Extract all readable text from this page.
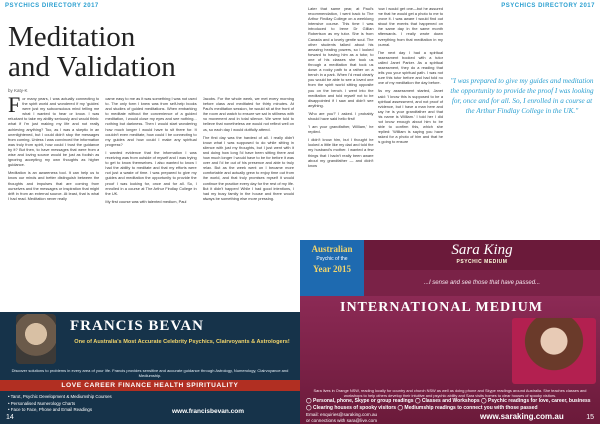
PSYCHICS DIRECTORY 2017
Meditation
and Validation
by Katy-K

For many years, I was actually connecting to the spirit world and wondered if my 'guides' were just my subconscious mind telling me what I wanted to hear or know. I was reluctant to take my ability seriously and would think: what if I'm just making my life and not really achieving anything? Too, as I was a skeptic in an unenlightened, but I could didn't stop the messages from coming. Unless I was convinced the information was truly from spirit, how could I trust the guidance by it? But then, to have messages that were from a wise and loving source would be just as foolish as ignoring accepting my own thoughts as higher guidance.

Meditation is an awareness tool. It can help us to know our minds and better distinguish between the thoughts and impulses that are coming from ourselves and the messages or inspiration that might drift in from an external source. At least, that is what I had read. Meditation never really

came easy to me as it was something I was not used to. The only form I knew was from self-help books and studies of guided meditations. When embarking to meditate without the convenience of a guided meditation, I would close my eyes and see nothing... nothing but darkness. Then I would start wondering how much longer I would have to sit there for. It couldn't even meditate, how could I be connecting to my guides and how could I make any spiritual progress?

I wanted evidence that the information I was receiving was from outside of myself and I was trying to get to know themselves. I also wanted to know I had the ability to meditate and that my efforts were not just a waste of time. I was prepared to give my guides and meditation the opportunity to provide the proof I was looking for, once and for all. So, I enrolled in a course at The Arthur Findlay College in the UK.

My first course was with talented medium, Paul

Jacobs. For the whole week, we met every morning before class and meditated for thirty minutes. At Paul's meditation session, he would sit at the front of the room and watch to ensure we sat in stillness with no movement and in total silence. We were told to believe that nonetheless we would not reflect well on us, so each day I would dutifully attend.

The first day was the hardest of all. I really didn't know what I was supposed to do while sitting in silence with just my thoughts, but I just went with it and doing how long I'd have been sitting there and how much longer I would have to be for before it was over and I'd be out of his presence and able to truly relax. But as the week went on I became more comfortable and actually grew to enjoy time out from the world, and that truly promises myself it would continue the practice every day for the rest of my life. But it didn't happen! While I had good intentions, I had my busy family in the house and there would always be something else more pressing.

FRANCIS BEVAN
One of Australia's Most Accurate Celebrity Psychics, Clairvoyants & Astrologers!
Discover solutions to problems in every area of your life. Francis provides sensitive and accurate guidance through Astrology, Numerology, Clairvoyance and Mediumship.
LOVE CAREER FINANCE HEALTH SPIRITUALITY
• Tarot, Psychic Development & Mediumship Courses
• Personalised Numerology Charts
• Face to Face, Phone and Email Readings	www.francisbevan.com
14
PSYCHICS DIRECTORY 2017

Later that same year, at Paul's recommendation, I went back to The Arthur Findlay College on a weeklong intensive course. This time I was introduced to Irene Dr Gillian Robertson as my tutor. She is from Canada and a lovely gentle soul. The other students talked about his amazing healing powers, so I looked forward to having him as a tutor, to one of his classes she took us through a meditation that took us down a rocky path to a rather on a bench in a park. When I'd read clearly you would be able to see a loved one from the spirit world sitting opposite you on the bench. I went into the meditation and told myself not to be disappointed if I saw and didn't see anything.

'Who are you?' I asked. I probably should have said hello first!

'I am your grandfather, William,' he replied.

I didn't know him, but I thought he looked a little like my dad and told the my husband's mother. I wanted a few things that I hadn't really been aware about my grandfather — and didn't know

how I would get one—but he assured me that he would get a photo to me to prove it. I was aware I would find out about the events that happened on the same day in the same month afterwards. I really wrote down everything from that meditation in my journal.

The next day I had a spiritual assessment booked with a tutor called Janet Parker. As a spiritual assessment, they do a reading that tells you your spiritual path. I was not sure this tutor before and had told no one of my meditation the day before.

As my assessment started, Janet said: 'I know this is supposed to be a spiritual assessment, and not proof of evidence, but I have a man here and say he is your grandfather and that his name is William.' I told her I did not know enough about him to be able to confirm this, which she replied: 'William is saying you have asked for a photo of him and that he is going to ensure

"I was prepared to give my guides and meditation the opportunity to provide the proof I was looking for, once and for all. So, I enrolled in a course at the Arthur Findlay College in the UK."
Australian
Psychic of the
Year 2015
Sara King
PSYCHIC MEDIUM
...I sense and see those that have passed...
INTERNATIONAL MEDIUM
Sara lives in Orange NSW, reading locally for country and church NSW as well as doing phone and Skype readings around Australia. She teaches classes and workshops to help others develop their intuitive and psychic ability and Sara visits homes to clear houses of spooky visitors.
◯ Personal, phone, Skype or group readings ◯ Classes and Workshops ◯ Psychic readings for love, career, business ◯ Clearing houses of spooky visitors ◯ Mediumship readings to connect you with those passed
Email: enquiries@saraking.com.au
or connections with sara@live.com	www.saraking.com.au	15
